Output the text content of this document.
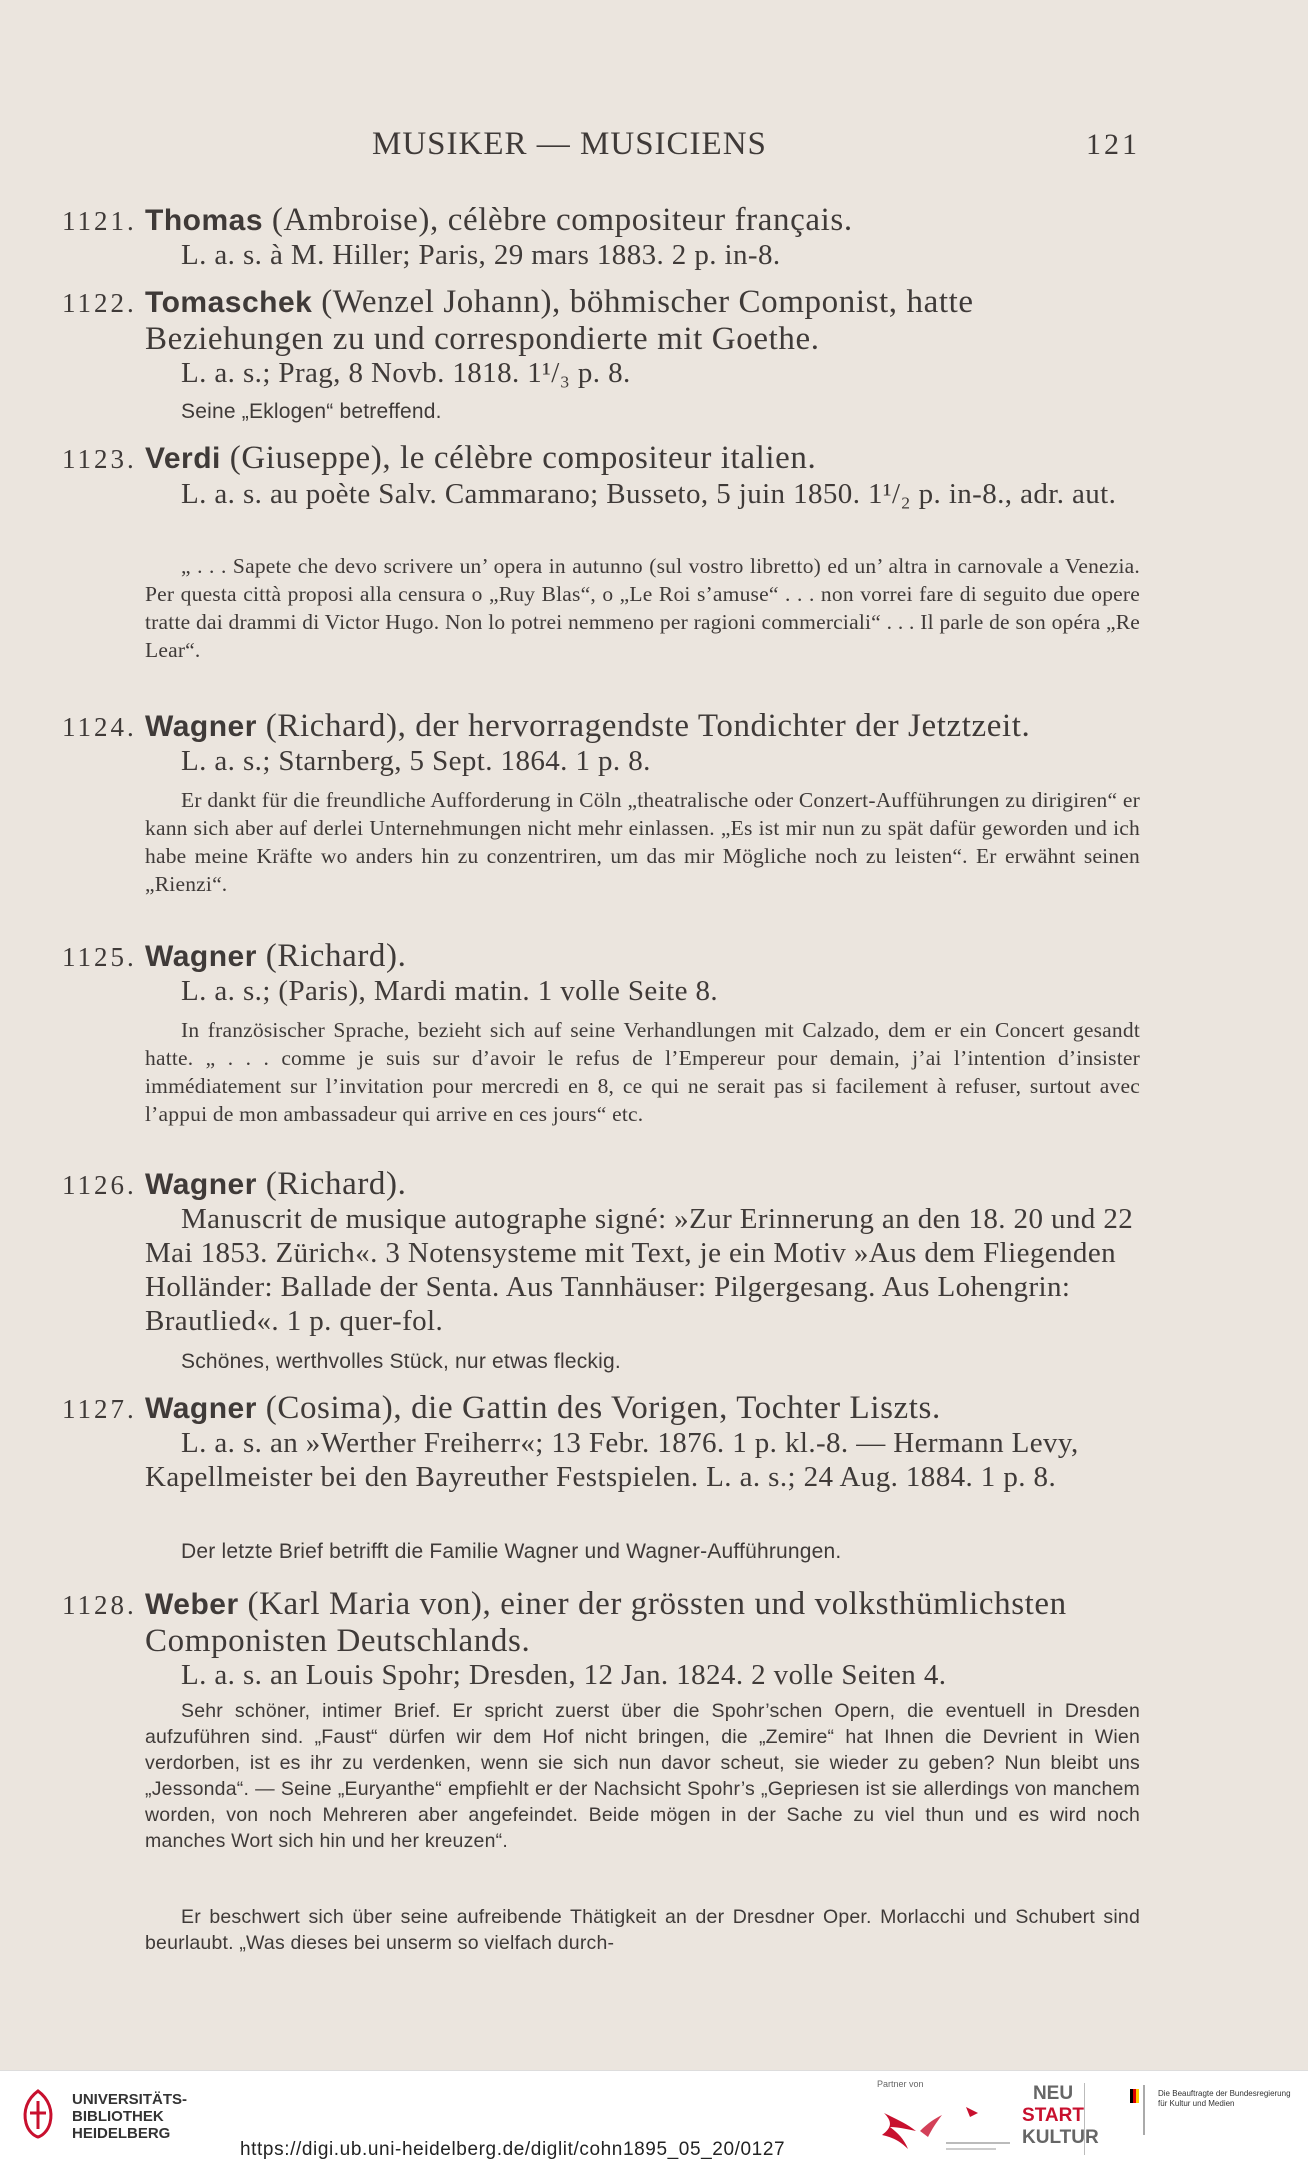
MUSIKER — MUSICIENS	121
1121. Thomas (Ambroise), célèbre compositeur français.
L. a. s. à M. Hiller; Paris, 29 mars 1883. 2 p. in-8.
1122. Tomaschek (Wenzel Johann), böhmischer Componist, hatte Beziehungen zu und correspondierte mit Goethe.
L. a. s.; Prag, 8 Novb. 1818. 1¹/₃ p. 8.
Seine „Eklogen“ betreffend.
1123. Verdi (Giuseppe), le célèbre compositeur italien.
L. a. s. au poète Salv. Cammarano; Busseto, 5 juin 1850. 1¹/₂ p. in-8., adr. aut.
„ . . . Sapete che devo scrivere un’ opera in autunno (sul vostro libretto) ed un’ altra in carnovale a Venezia. Per questa città proposi alla censura o „Ruy Blas“, o „Le Roi s’amuse“ . . . non vorrei fare di seguito due opere tratte dai drammi di Victor Hugo. Non lo potrei nemmeno per ragioni commerciali“ . . . Il parle de son opéra „Re Lear“.
1124. Wagner (Richard), der hervorragendste Tondichter der Jetztzeit.
L. a. s.; Starnberg, 5 Sept. 1864. 1 p. 8.
Er dankt für die freundliche Aufforderung in Cöln „theatralische oder Conzert-Aufführungen zu dirigiren“ er kann sich aber auf derlei Unternehmungen nicht mehr einlassen. „Es ist mir nun zu spät dafür geworden und ich habe meine Kräfte wo anders hin zu conzentriren, um das mir Mögliche noch zu leisten“. Er erwähnt seinen „Rienzi“.
1125. Wagner (Richard).
L. a. s.; (Paris), Mardi matin. 1 volle Seite 8.
In französischer Sprache, bezieht sich auf seine Verhandlungen mit Calzado, dem er ein Concert gesandt hatte. „ . . . comme je suis sur d’avoir le refus de l’Empereur pour demain, j’ai l’intention d’insister immédiatement sur l’invitation pour mercredi en 8, ce qui ne serait pas si facilement à refuser, surtout avec l’appui de mon ambassadeur qui arrive en ces jours“ etc.
1126. Wagner (Richard).
Manuscrit de musique autographe signé: »Zur Erinnerung an den 18. 20 und 22 Mai 1853. Zürich«. 3 Notensysteme mit Text, je ein Motiv »Aus dem Fliegenden Holländer: Ballade der Senta. Aus Tannhäuser: Pilgergesang. Aus Lohengrin: Brautlied«. 1 p. quer-fol.
Schönes, werthvolles Stück, nur etwas fleckig.
1127. Wagner (Cosima), die Gattin des Vorigen, Tochter Liszts.
L. a. s. an »Werther Freiherr«; 13 Febr. 1876. 1 p. kl.-8. — Hermann Levy, Kapellmeister bei den Bayreuther Festspielen. L. a. s.; 24 Aug. 1884. 1 p. 8.
Der letzte Brief betrifft die Familie Wagner und Wagner-Aufführungen.
1128. Weber (Karl Maria von), einer der grössten und volksthümlichsten Componisten Deutschlands.
L. a. s. an Louis Spohr; Dresden, 12 Jan. 1824. 2 volle Seiten 4.
Sehr schöner, intimer Brief. Er spricht zuerst über die Spohr’schen Opern, die eventuell in Dresden aufzuführen sind. „Faust“ dürfen wir dem Hof nicht bringen, die „Zemire“ hat Ihnen die Devrient in Wien verdorben, ist es ihr zu verdenken, wenn sie sich nun davor scheut, sie wieder zu geben? Nun bleibt uns „Jessonda“. — Seine „Euryanthe“ empfiehlt er der Nachsicht Spohr’s „Gepriesen ist sie allerdings von manchem worden, von noch Mehreren aber angefeindet. Beide mögen in der Sache zu viel thun und es wird noch manches Wort sich hin und her kreuzen“.
Er beschwert sich über seine aufreibende Thätigkeit an der Dresdner Oper. Morlacchi und Schubert sind beurlaubt. „Was dieses bei unserm so vielfach durch-
UNIVERSITÄTS-
BIBLIOTHEK
HEIDELBERG
https://digi.ub.uni-heidelberg.de/diglit/cohn1895_05_20/0127
Partner von	NEU
START
KULTUR
Die Beauftragte der Bundesregierung
für Kultur und Medien
